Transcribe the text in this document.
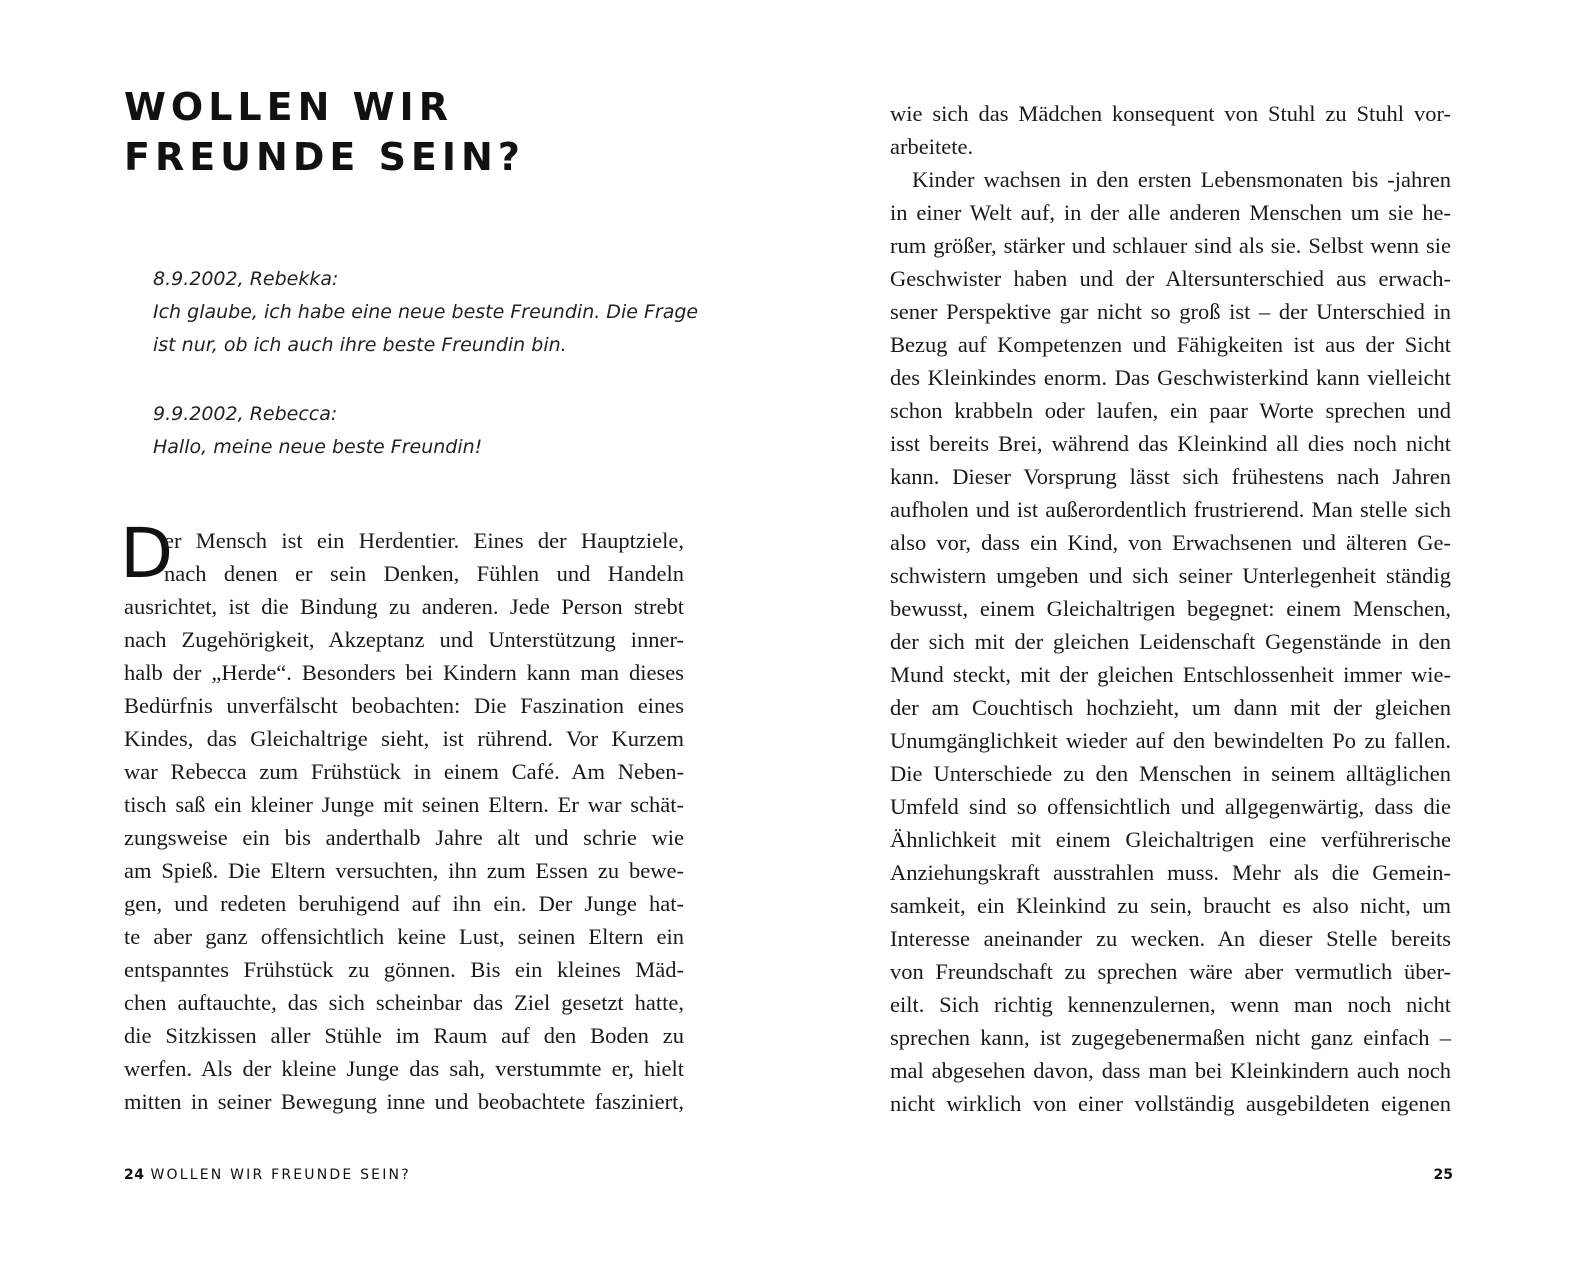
WOLLEN WIR
FREUNDE SEIN?
8.9.2002, Rebekka:
Ich glaube, ich habe eine neue beste Freundin. Die Frage
ist nur, ob ich auch ihre beste Freundin bin.
9.9.2002, Rebecca:
Hallo, meine neue beste Freundin!
D
er Mensch ist ein Herdentier. Eines der Hauptziele,
nach denen er sein Denken, Fühlen und Handeln
ausrichtet, ist die Bindung zu anderen. Jede Person strebt
nach Zugehörigkeit, Akzeptanz und Unterstützung inner-
halb der „Herde“. Besonders bei Kindern kann man dieses
Bedürfnis unverfälscht beobachten: Die Faszination eines
Kindes, das Gleichaltrige sieht, ist rührend. Vor Kurzem
war Rebecca zum Frühstück in einem Café. Am Neben-
tisch saß ein kleiner Junge mit seinen Eltern. Er war schät-
zungsweise ein bis anderthalb Jahre alt und schrie wie
am Spieß. Die Eltern versuchten, ihn zum Essen zu bewe-
gen, und redeten beruhigend auf ihn ein. Der Junge hat-
te aber ganz offensichtlich keine Lust, seinen Eltern ein
entspanntes Frühstück zu gönnen. Bis ein kleines Mäd-
chen auftauchte, das sich scheinbar das Ziel gesetzt hatte,
die Sitzkissen aller Stühle im Raum auf den Boden zu
werfen. Als der kleine Junge das sah, verstummte er, hielt
mitten in seiner Bewegung inne und beobachtete fasziniert,
24 WOLLEN WIR FREUNDE SEIN?
wie sich das Mädchen konsequent von Stuhl zu Stuhl vor-
arbeitete.
Kinder wachsen in den ersten Lebensmonaten bis -jahren
in einer Welt auf, in der alle anderen Menschen um sie he-
rum größer, stärker und schlauer sind als sie. Selbst wenn sie
Geschwister haben und der Altersunterschied aus erwach-
sener Perspektive gar nicht so groß ist – der Unterschied in
Bezug auf Kompetenzen und Fähigkeiten ist aus der Sicht
des Kleinkindes enorm. Das Geschwisterkind kann vielleicht
schon krabbeln oder laufen, ein paar Worte sprechen und
isst bereits Brei, während das Kleinkind all dies noch nicht
kann. Dieser Vorsprung lässt sich frühestens nach Jahren
aufholen und ist außerordentlich frustrierend. Man stelle sich
also vor, dass ein Kind, von Erwachsenen und älteren Ge-
schwistern umgeben und sich seiner Unterlegenheit ständig
bewusst, einem Gleichaltrigen begegnet: einem Menschen,
der sich mit der gleichen Leidenschaft Gegenstände in den
Mund steckt, mit der gleichen Entschlossenheit immer wie-
der am Couchtisch hochzieht, um dann mit der gleichen
Unumgänglichkeit wieder auf den bewindelten Po zu fallen.
Die Unterschiede zu den Menschen in seinem alltäglichen
Umfeld sind so offensichtlich und allgegenwärtig, dass die
Ähnlichkeit mit einem Gleichaltrigen eine verführerische
Anziehungskraft ausstrahlen muss. Mehr als die Gemein-
samkeit, ein Kleinkind zu sein, braucht es also nicht, um
Interesse aneinander zu wecken. An dieser Stelle bereits
von Freundschaft zu sprechen wäre aber vermutlich über-
eilt. Sich richtig kennenzulernen, wenn man noch nicht
sprechen kann, ist zugegebenermaßen nicht ganz einfach –
mal abgesehen davon, dass man bei Kleinkindern auch noch
nicht wirklich von einer vollständig ausgebildeten eigenen
25
